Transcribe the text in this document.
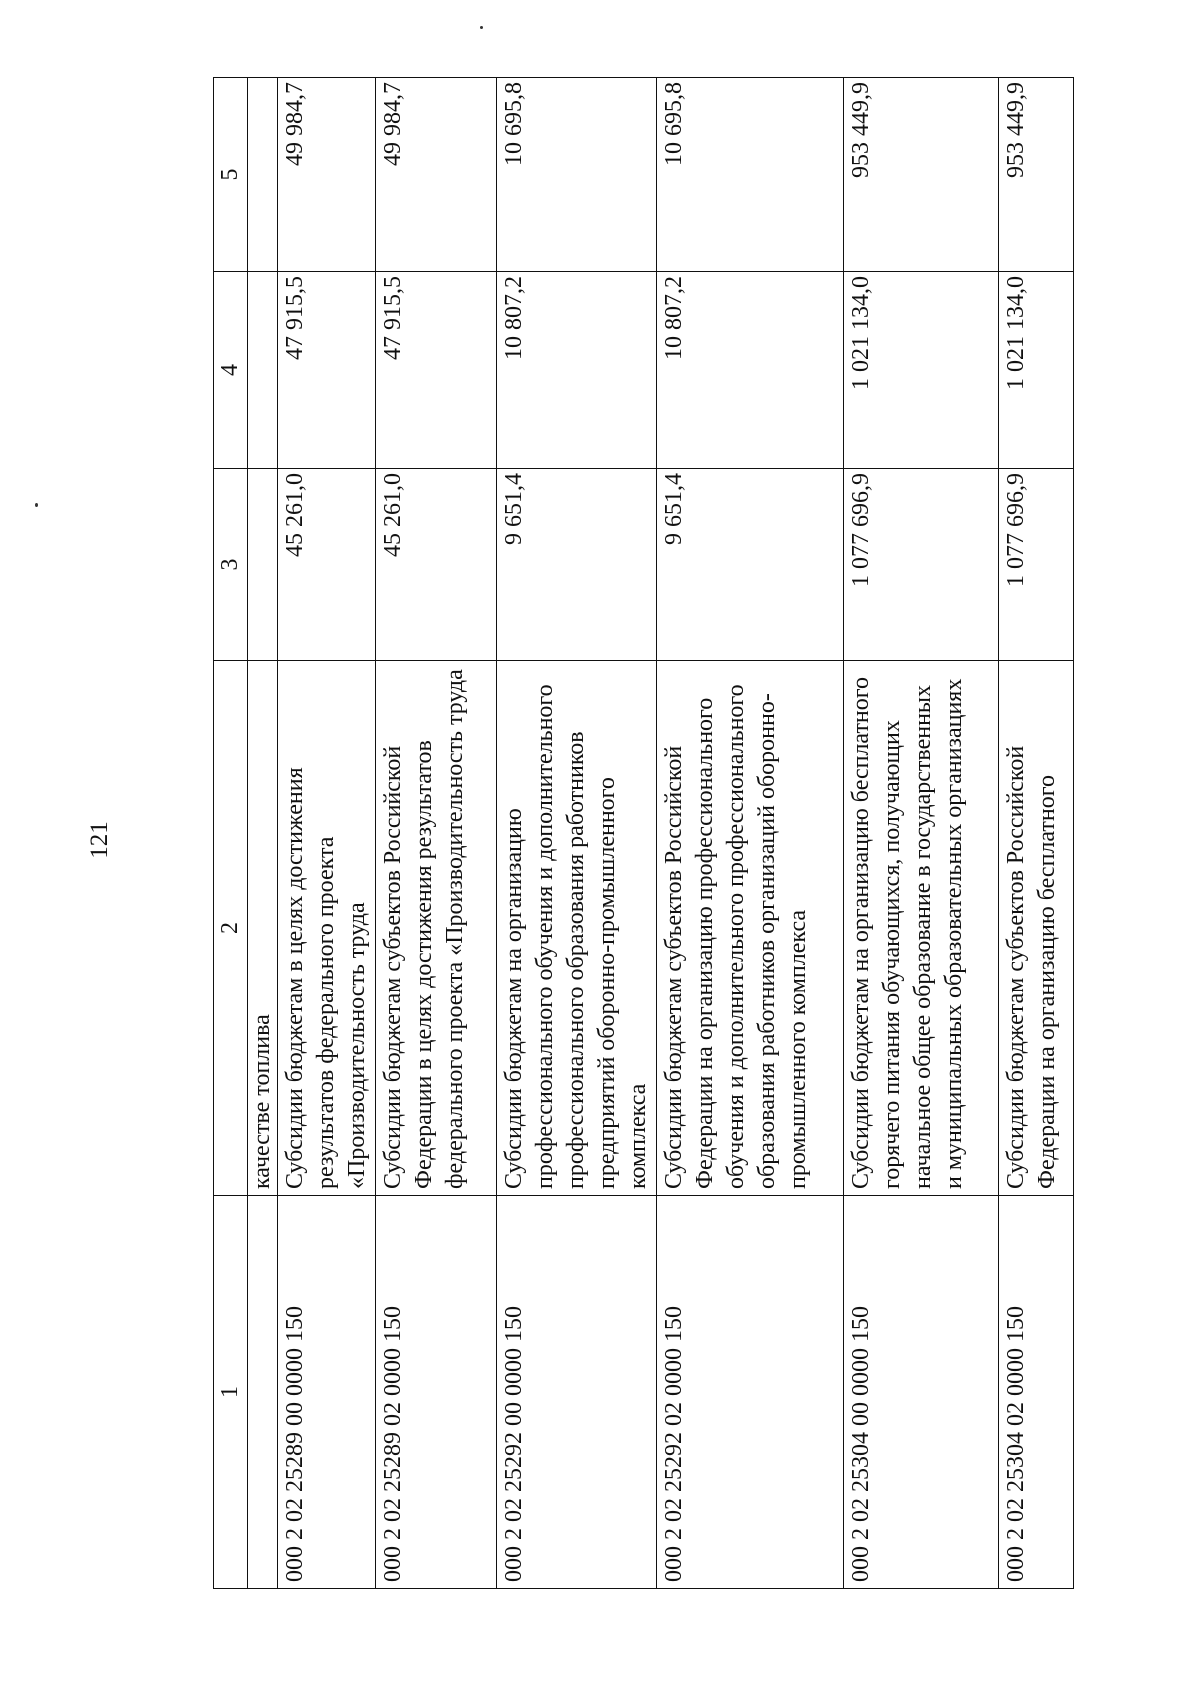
121
1	2	3	4	5
	качестве топлива			
000 2 02 25289 00 0000 150	Субсидии бюджетам в целях достижения результатов федерального проекта «Производительность труда	45 261,0	47 915,5	49 984,7
000 2 02 25289 02 0000 150	Субсидии бюджетам субъектов Российской Федерации в целях достижения результатов федерального проекта «Производительность труда	45 261,0	47 915,5	49 984,7
000 2 02 25292 00 0000 150	Субсидии бюджетам на организацию профессионального обучения и дополнительного профессионального образования работников предприятий оборонно-промышленного комплекса	9 651,4	10 807,2	10 695,8
000 2 02 25292 02 0000 150	Субсидии бюджетам субъектов Российской Федерации на организацию профессионального обучения и дополнительного профессионального образования работников организаций оборонно-промышленного комплекса	9 651,4	10 807,2	10 695,8
000 2 02 25304 00 0000 150	Субсидии бюджетам на организацию бесплатного горячего питания обучающихся, получающих начальное общее образование в государственных и муниципальных образовательных организациях	1 077 696,9	1 021 134,0	953 449,9
000 2 02 25304 02 0000 150	Субсидии бюджетам субъектов Российской Федерации на организацию бесплатного	1 077 696,9	1 021 134,0	953 449,9
